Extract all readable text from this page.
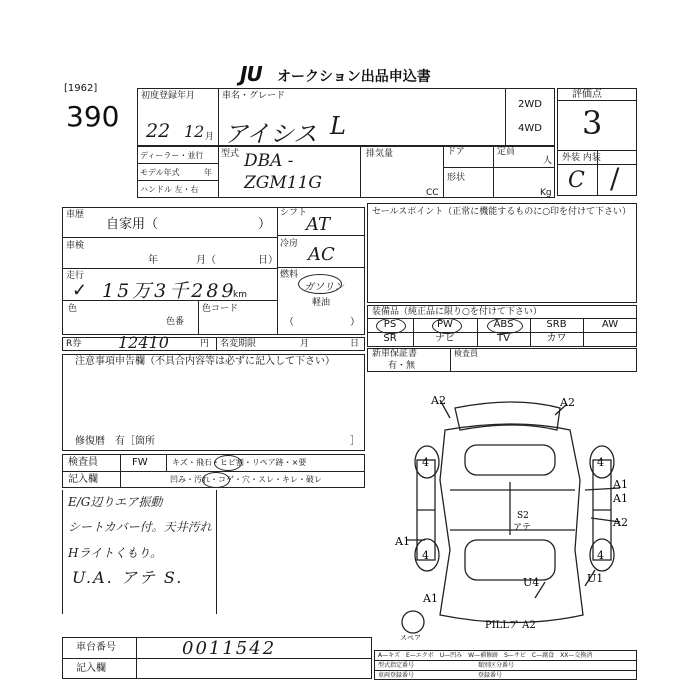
JU オークション出品申込書
[1962]
390
初度登録年月
22 12 月
車名・グレード
アイシス L
2WD
4WD
評価点
3
外装 内装
C /
ディーラー・並行
モデル年式	年
ハンドル 左・右
型式 DBA -ZGM11G
排気量
CC
ドア	定員
人
形状
Kg
車歴
自家用（	）
車検
年	月（	日）
走行
✓ 15万3千289
km
色
色番
色コード
シフト
AT
冷房 AC
燃料
ガソリン
軽油
（	）
R券 12410	円 名変期限	月	日
セールスポイント（正常に機能するものに○印を付けて下さい）
装備品（純正品に限り○を付けて下さい）
PS	PW	ABS	SRB	AW
SR	ナビ	TV	カワ
新車保証書
有・無
検査員
注意事項申告欄（不具合内容等は必ずに記入して下さい）
修復暦　有［箇所	］
検査員	FW	キズ・飛石・ヒビ割・リペア跡・×要
記入欄	凹み・汚れ・コゲ・穴・スレ・キレ・破レ
E/G辺りエア振動
シートカバー付。天井汚れ
Hライトくもり。
U.A. アテ S.
A2	A2
A1
A1
A2
A1
S2
アテ
U4	U1
A1
PILLア A2
スペア
4	4
4	4
車台番号	0011542
記入欄
A—キズ　E—エクボ　U—凹み　W—補修跡　S—サビ　C—腐食　XX—交換済
型式指定番号	類別区分番号
車両登録番号	登録番号
